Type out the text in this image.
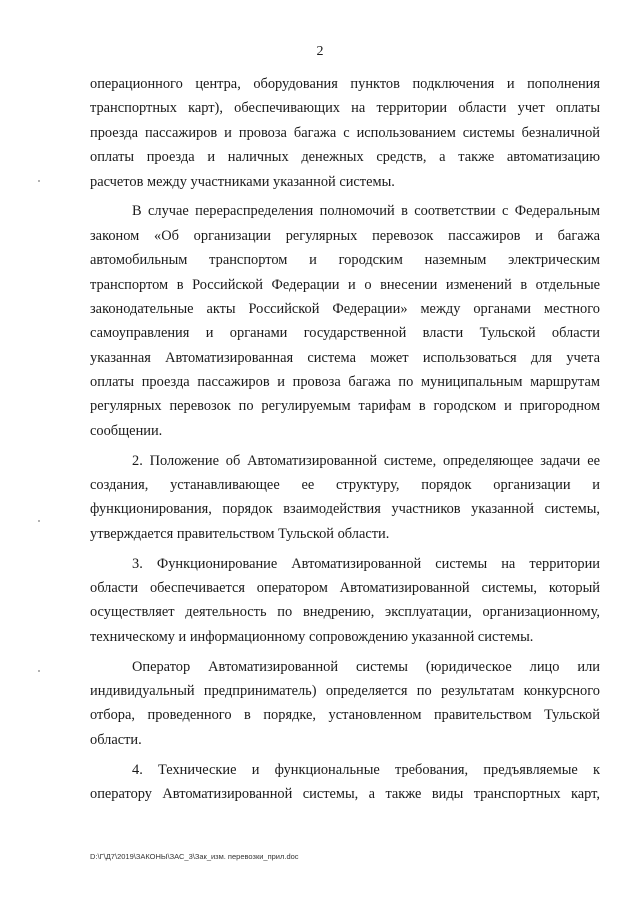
2
операционного центра, оборудования пунктов подключения и пополнения
транспортных карт), обеспечивающих на территории области учет оплаты
проезда пассажиров и провоза багажа с использованием системы безналичной
оплаты проезда и наличных денежных средств, а также автоматизацию
расчетов между участниками указанной системы.
В случае перераспределения полномочий в соответствии с Федеральным
законом «Об организации регулярных перевозок пассажиров и багажа
автомобильным транспортом и городским наземным электрическим
транспортом в Российской Федерации и о внесении изменений в отдельные
законодательные акты Российской Федерации» между органами местного
самоуправления и органами государственной власти Тульской области
указанная Автоматизированная система может использоваться для учета
оплаты проезда пассажиров и провоза багажа по муниципальным маршрутам
регулярных перевозок по регулируемым тарифам в городском и пригородном
сообщении.
2. Положение об Автоматизированной системе, определяющее задачи ее
создания, устанавливающее ее структуру, порядок организации и
функционирования, порядок взаимодействия участников указанной системы,
утверждается правительством Тульской области.
3. Функционирование Автоматизированной системы на территории
области обеспечивается оператором Автоматизированной системы, который
осуществляет деятельность по внедрению, эксплуатации, организационному,
техническому и информационному сопровождению указанной системы.
Оператор Автоматизированной системы (юридическое лицо или
индивидуальный предприниматель) определяется по результатам конкурсного
отбора, проведенного в порядке, установленном правительством Тульской
области.
4. Технические и функциональные требования, предъявляемые к
оператору Автоматизированной системы, а также виды транспортных карт,
D:\Г\Д7\2019\ЗАКОНЫ\ЗАС_3\Зак_изм. перевозки_прил.doc
